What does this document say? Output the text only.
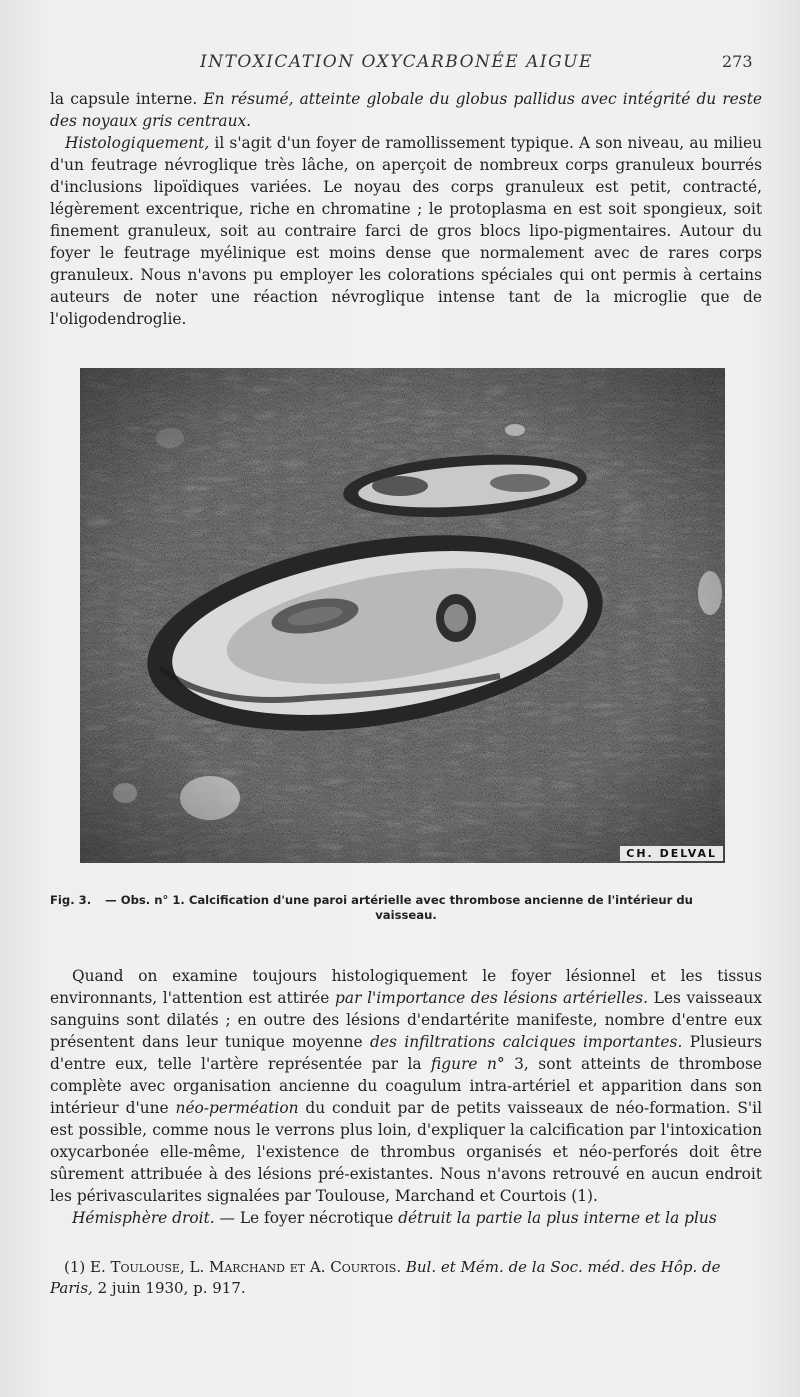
INTOXICATION OXYCARBONÉE AIGUE	273
la capsule interne. En résumé, atteinte globale du globus pallidus avec intégrité du reste des noyaux gris centraux.
Histologiquement, il s'agit d'un foyer de ramollissement typique. A son niveau, au milieu d'un feutrage névroglique très lâche, on aperçoit de nombreux corps granuleux bourrés d'inclusions lipoïdiques variées. Le noyau des corps granuleux est petit, contracté, légèrement excentrique, riche en chromatine ; le protoplasma en est soit spongieux, soit finement granuleux, soit au contraire farci de gros blocs lipo-pigmentaires. Autour du foyer le feutrage myélinique est moins dense que normalement avec de rares corps granuleux. Nous n'avons pu employer les colorations spéciales qui ont permis à certains auteurs de noter une réaction névroglique intense tant de la microglie que de l'oligodendroglie.
CH. DELVAL
Fig. 3. — Obs. n° 1. Calcification d'une paroi artérielle avec thrombose ancienne de l'intérieur du
vaisseau.
Quand on examine toujours histologiquement le foyer lésionnel et les tissus environnants, l'attention est attirée par l'importance des lésions artérielles. Les vaisseaux sanguins sont dilatés ; en outre des lésions d'endartérite manifeste, nombre d'entre eux présentent dans leur tunique moyenne des infiltrations calciques importantes. Plusieurs d'entre eux, telle l'artère représentée par la figure n° 3, sont atteints de thrombose complète avec organisation ancienne du coagulum intra-artériel et apparition dans son intérieur d'une néo-perméation du conduit par de petits vaisseaux de néo-formation. S'il est possible, comme nous le verrons plus loin, d'expliquer la calcification par l'intoxication oxycarbonée elle-même, l'existence de thrombus organisés et néo-perforés doit être sûrement attribuée à des lésions pré-existantes. Nous n'avons retrouvé en aucun endroit les périvascularites signalées par Toulouse, Marchand et Courtois (1).
Hémisphère droit. — Le foyer nécrotique détruit la partie la plus interne et la plus
(1) E. Toulouse, L. Marchand et A. Courtois. Bul. et Mém. de la Soc. méd. des Hôp. de Paris, 2 juin 1930, p. 917.
